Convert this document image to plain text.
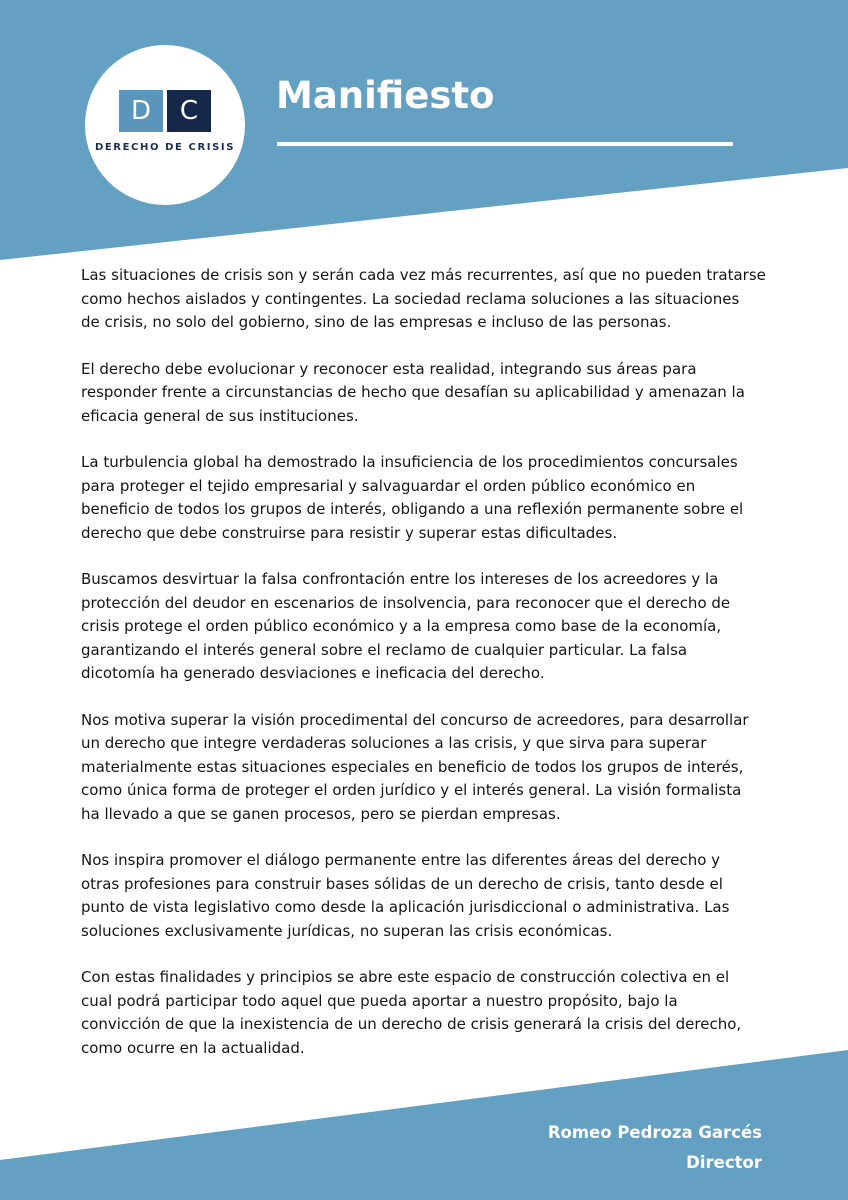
D	C
DERECHO DE CRISIS
Manifiesto

Las situaciones de crisis son y serán cada vez más recurrentes, así que no pueden tratarse
como hechos aislados y contingentes. La sociedad reclama soluciones a las situaciones
de crisis, no solo del gobierno, sino de las empresas e incluso de las personas.

El derecho debe evolucionar y reconocer esta realidad, integrando sus áreas para
responder frente a circunstancias de hecho que desafían su aplicabilidad y amenazan la
eficacia general de sus instituciones.

La turbulencia global ha demostrado la insuficiencia de los procedimientos concursales
para proteger el tejido empresarial y salvaguardar el orden público económico en
beneficio de todos los grupos de interés, obligando a una reflexión permanente sobre el
derecho que debe construirse para resistir y superar estas dificultades.

Buscamos desvirtuar la falsa confrontación entre los intereses de los acreedores y la
protección del deudor en escenarios de insolvencia, para reconocer que el derecho de
crisis protege el orden público económico y a la empresa como base de la economía,
garantizando el interés general sobre el reclamo de cualquier particular. La falsa
dicotomía ha generado desviaciones e ineficacia del derecho.

Nos motiva superar la visión procedimental del concurso de acreedores, para desarrollar
un derecho que integre verdaderas soluciones a las crisis, y que sirva para superar
materialmente estas situaciones especiales en beneficio de todos los grupos de interés,
como única forma de proteger el orden jurídico y el interés general. La visión formalista
ha llevado a que se ganen procesos, pero se pierdan empresas.

Nos inspira promover el diálogo permanente entre las diferentes áreas del derecho y
otras profesiones para construir bases sólidas de un derecho de crisis, tanto desde el
punto de vista legislativo como desde la aplicación jurisdiccional o administrativa. Las
soluciones exclusivamente jurídicas, no superan las crisis económicas.

Con estas finalidades y principios se abre este espacio de construcción colectiva en el
cual podrá participar todo aquel que pueda aportar a nuestro propósito, bajo la
convicción de que la inexistencia de un derecho de crisis generará la crisis del derecho,
como ocurre en la actualidad.

Romeo Pedroza Garcés
Director
